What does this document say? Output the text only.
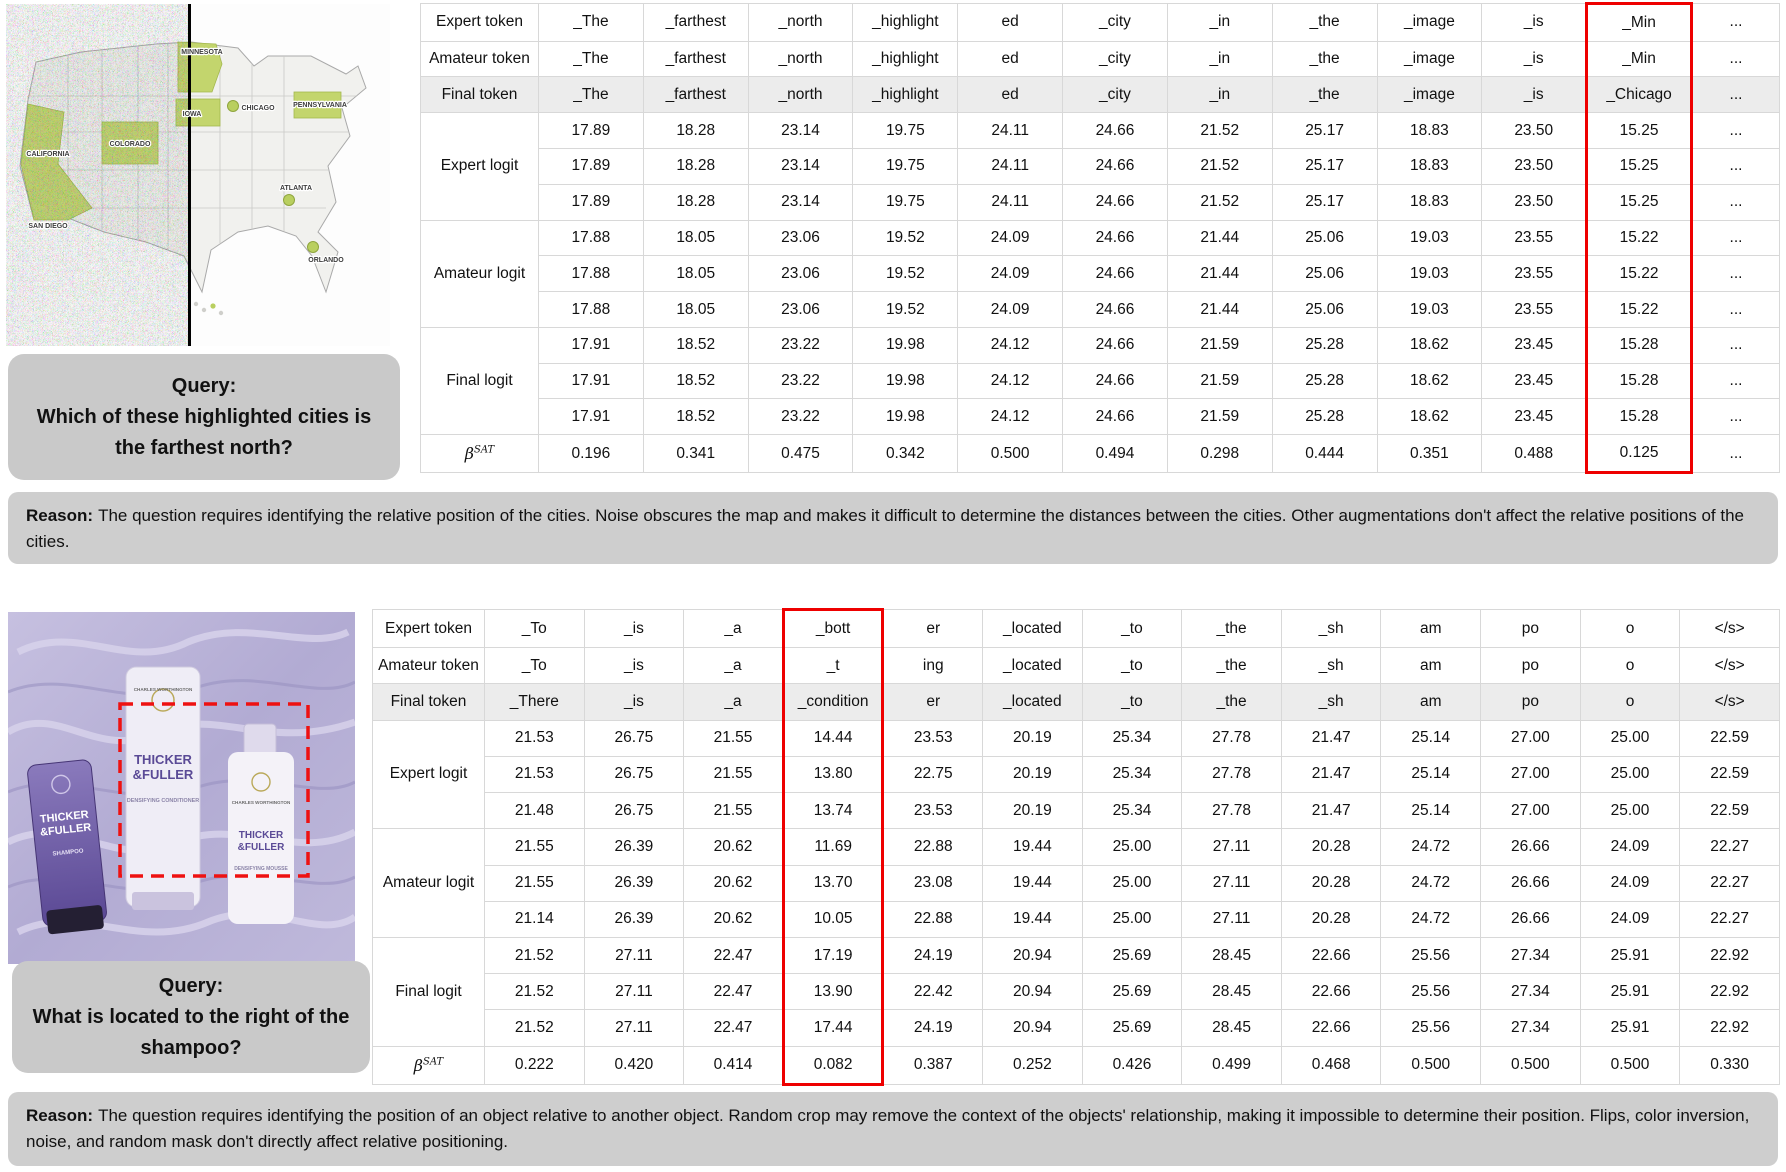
MINNESOTA
IOWA
CHICAGO	PENNSYLVANIA
COLORADO
CALIFORNIA
SAN DIEGO
ATLANTA
ORLANDO
Query:
Which of these highlighted cities is the farthest north?
Expert token	_The	_farthest	_north	_highlight	ed	_city	_in	_the	_image	_is	_Min	...
Amateur token	_The	_farthest	_north	_highlight	ed	_city	_in	_the	_image	_is	_Min	...
Final token	_The	_farthest	_north	_highlight	ed	_city	_in	_the	_image	_is	_Chicago	...
Expert logit	17.89	18.28	23.14	19.75	24.11	24.66	21.52	25.17	18.83	23.50	15.25	...
	17.89	18.28	23.14	19.75	24.11	24.66	21.52	25.17	18.83	23.50	15.25	...
	17.89	18.28	23.14	19.75	24.11	24.66	21.52	25.17	18.83	23.50	15.25	...
Amateur logit	17.88	18.05	23.06	19.52	24.09	24.66	21.44	25.06	19.03	23.55	15.22	...
	17.88	18.05	23.06	19.52	24.09	24.66	21.44	25.06	19.03	23.55	15.22	...
	17.88	18.05	23.06	19.52	24.09	24.66	21.44	25.06	19.03	23.55	15.22	...
Final logit	17.91	18.52	23.22	19.98	24.12	24.66	21.59	25.28	18.62	23.45	15.28	...
	17.91	18.52	23.22	19.98	24.12	24.66	21.59	25.28	18.62	23.45	15.28	...
	17.91	18.52	23.22	19.98	24.12	24.66	21.59	25.28	18.62	23.45	15.28	...
$\beta^{SAT}$	0.196	0.341	0.475	0.342	0.500	0.494	0.298	0.444	0.351	0.488	0.125	...
Reason: The question requires identifying the relative position of the cities. Noise obscures the map and makes it difficult to determine the distances between the cities. Other augmentations don't affect the relative positions of the cities.
THICKER
&FULLER
SHAMPOO
CHARLES WORTHINGTON
THICKER
&FULLER
DENSIFYING CONDITIONER	CHARLES WORTHINGTON
THICKER
&FULLER
DENSIFYING MOUSSE
Query:
What is located to the right of the shampoo?
Expert token	_To	_is	_a	_bott	er	_located	_to	_the	_sh	am	po	o	</s>
Amateur token	_To	_is	_a	_t	ing	_located	_to	_the	_sh	am	po	o	</s>
Final token	_There	_is	_a	_condition	er	_located	_to	_the	_sh	am	po	o	</s>
Expert logit	21.53	26.75	21.55	14.44	23.53	20.19	25.34	27.78	21.47	25.14	27.00	25.00	22.59
	21.53	26.75	21.55	13.80	22.75	20.19	25.34	27.78	21.47	25.14	27.00	25.00	22.59
	21.48	26.75	21.55	13.74	23.53	20.19	25.34	27.78	21.47	25.14	27.00	25.00	22.59
Amateur logit	21.55	26.39	20.62	11.69	22.88	19.44	25.00	27.11	20.28	24.72	26.66	24.09	22.27
	21.55	26.39	20.62	13.70	23.08	19.44	25.00	27.11	20.28	24.72	26.66	24.09	22.27
	21.14	26.39	20.62	10.05	22.88	19.44	25.00	27.11	20.28	24.72	26.66	24.09	22.27
Final logit	21.52	27.11	22.47	17.19	24.19	20.94	25.69	28.45	22.66	25.56	27.34	25.91	22.92
	21.52	27.11	22.47	13.90	22.42	20.94	25.69	28.45	22.66	25.56	27.34	25.91	22.92
	21.52	27.11	22.47	17.44	24.19	20.94	25.69	28.45	22.66	25.56	27.34	25.91	22.92
$\beta^{SAT}$	0.222	0.420	0.414	0.082	0.387	0.252	0.426	0.499	0.468	0.500	0.500	0.500	0.330
Reason: The question requires identifying the position of an object relative to another object. Random crop may remove the context of the objects' relationship, making it impossible to determine their position. Flips, color inversion, noise, and random mask don't directly affect relative positioning.
